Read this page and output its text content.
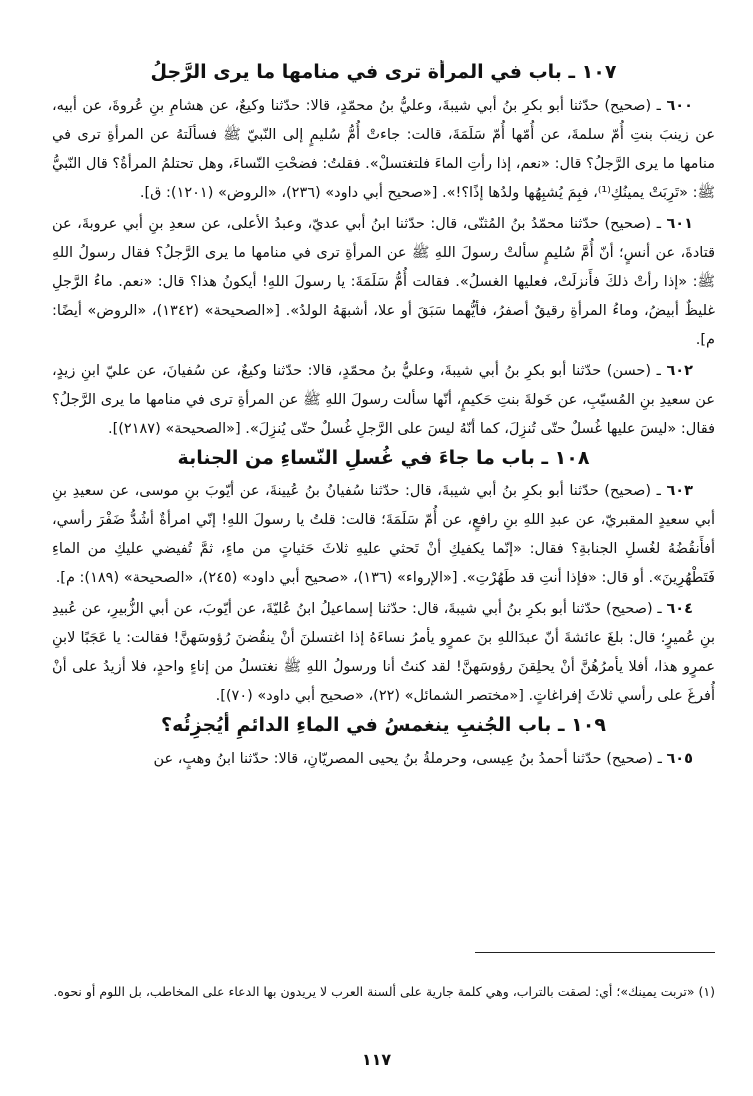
١٠٧ ـ باب في المرأة ترى في منامها ما يرى الرَّجلُ

٦٠٠ ـ (صحيح) حدّثنا أبو بكرِ بنُ أبي شيبةَ، وعليُّ بنُ محمّدٍ، قالا: حدّثنا وكيعٌ، عن هشامِ بنِ عُروةَ، عن أبيه، عن زينبَ بنتِ أُمّ سلمةَ، عن أُمّها أُمّ سَلَمَةَ، قالت: جاءتْ أُمُّ سُليمٍ إلى النّبيّ ﷺ فسألَتهُ عن المرأةِ ترى في منامها ما يرى الرَّجلُ؟ قال: «نعم، إذا رأتِ الماءَ فلتغتسلْ». فقلتُ: فضحْتِ النّساءَ، وهل تحتلمُ المرأةُ؟ قال النّبيُّ ﷺ: «تَرِبَتْ يمينُكِ⁽¹⁾، فبِمَ يُشبِهُها ولدُها إذًا؟!». [«صحيح أبي داود» (٢٣٦)، «الروض» (١٢٠١): ق].

٦٠١ ـ (صحيح) حدّثنا محمّدُ بنُ المُثنّى، قال: حدّثنا ابنُ أبي عديّ، وعبدُ الأعلى، عن سعدِ بنِ أبي عروبةَ، عن قتادةَ، عن أنسٍ؛ أنّ أُمَّ سُليمٍ سألتْ رسولَ اللهِ ﷺ عن المرأةِ ترى في منامها ما يرى الرَّجلُ؟ فقال رسولُ اللهِ ﷺ: «إذا رأتْ ذلكَ فأَنزلَتْ، فعليها الغسلُ». فقالت أُمُّ سَلَمَةَ: يا رسولَ اللهِ! أيكونُ هذا؟ قال: «نعم. ماءُ الرَّجلِ غليظٌ أبيضُ، وماءُ المرأةِ رقيقٌ أصفرُ، فأيُّهما سَبَقَ أو علا، أشبهَهُ الولدُ». [«الصحيحة» (١٣٤٢)، «الروض» أيضًا: م].

٦٠٢ ـ (حسن) حدّثنا أبو بكرِ بنُ أبي شيبةَ، وعليُّ بنُ محمّدٍ، قالا: حدّثنا وكيعٌ، عن سُفيانَ، عن عليّ ابنِ زيدٍ، عن سعيدِ بنِ المُسيّبِ، عن خَولةَ بنتِ حَكيمٍ، أنّها سألت رسولَ اللهِ ﷺ عن المرأةِ ترى في منامها ما يرى الرَّجلُ؟ فقال: «ليسَ عليها غُسلٌ حتّى تُنزِلَ، كما أنّهُ ليسَ على الرَّجلِ غُسلٌ حتّى يُنزِلَ». [«الصحيحة» (٢١٨٧)].

١٠٨ ـ باب ما جاءَ في غُسلِ النّساءِ من الجنابة

٦٠٣ ـ (صحيح) حدّثنا أبو بكرِ بنُ أبي شيبةَ، قال: حدّثنا سُفيانُ بنُ عُيينةَ، عن أيّوبَ بنِ موسى، عن سعيدِ بنِ أبي سعيدٍ المقبريّ، عن عبدِ اللهِ بنِ رافعٍ، عن أُمّ سَلَمَةَ؛ قالت: قلتُ يا رسولَ اللهِ! إنّي امرأةٌ أشُدُّ ضَفْرَ رأسي، أفأَنقُضُهُ لغُسلِ الجنابةِ؟ فقال: «إنّما يكفيكِ أنْ تَحثي عليهِ ثلاثَ حَثياتٍ من ماءٍ، ثمَّ تُفيضي عليكِ من الماءِ فَتَطْهُرِينَ». أو قال: «فإذا أنتِ قد طَهُرْتِ». [«الإرواء» (١٣٦)، «صحيح أبي داود» (٢٤٥)، «الصحيحة» (١٨٩): م].

٦٠٤ ـ (صحيح) حدّثنا أبو بكرِ بنُ أبي شيبةَ، قال: حدّثنا إسماعيلُ ابنُ عُليّةَ، عن أيّوبَ، عن أبي الزُّبيرِ، عن عُبيدِ بنِ عُميرٍ؛ قال: بلغَ عائشةَ أنّ عبدَاللهِ بنَ عمرٍو يأمرُ نساءَهُ إذا اغتسلنَ أنْ ينقُضنَ رُؤوسَهنَّ! فقالت: يا عَجَبًا لابنِ عمرٍو هذا، أفلا يأمرُهُنَّ أنْ يحلِقنَ رؤوسَهنَّ! لقد كنتُ أنا ورسولُ اللهِ ﷺ نغتسلُ من إناءٍ واحدٍ، فلا أزيدُ على أنْ أُفرغَ على رأسي ثلاثَ إفراغاتٍ. [«مختصر الشمائل» (٢٢)، «صحيح أبي داود» (٧٠)].

١٠٩ ـ باب الجُنبِ ينغمسُ في الماءِ الدائمِ أيُجزِئُه؟

٦٠٥ ـ (صحيح) حدّثنا أحمدُ بنُ عِيسى، وحرملةُ بنُ يحيى المصريّانِ، قالا: حدّثنا ابنُ وهبٍ، عن

(١) «تربت يمينك»؛ أي: لصقت بالتراب، وهي كلمة جارية على ألسنة العرب لا يريدون بها الدعاء على المخاطب، بل اللوم أو نحوه.
١١٧
